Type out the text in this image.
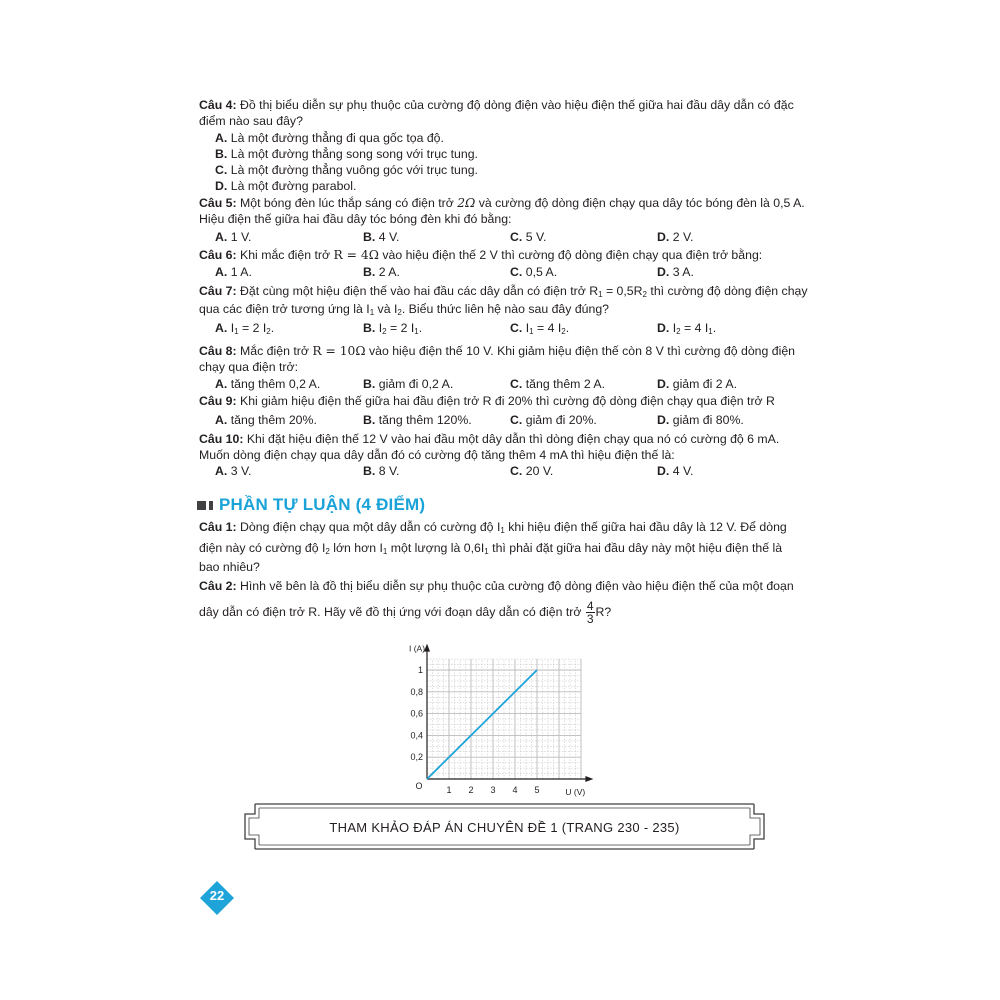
Câu 4: Đồ thị biểu diễn sự phụ thuộc của cường độ dòng điện vào hiệu điện thế giữa hai đầu dây dẫn có đặc
điểm nào sau đây?
A. Là một đường thẳng đi qua gốc tọa độ.
B. Là một đường thẳng song song với trục tung.
C. Là một đường thẳng vuông góc với trục tung.
D. Là một đường parabol.
Câu 5: Một bóng đèn lúc thắp sáng có điện trở 2Ω và cường độ dòng điện chạy qua dây tóc bóng đèn là 0,5 A.
Hiệu điện thế giữa hai đầu dây tóc bóng đèn khi đó bằng:
A. 1 V.	B. 4 V.	C. 5 V.	D. 2 V.
Câu 6: Khi mắc điện trở R = 4Ω vào hiệu điện thế 2 V thì cường độ dòng điện chạy qua điện trở bằng:
A. 1 A.	B. 2 A.	C. 0,5 A.	D. 3 A.
Câu 7: Đặt cùng một hiệu điện thế vào hai đầu các dây dẫn có điện trở $R_1 = 0,5R_2$ thì cường độ dòng điện chạy
qua các điện trở tương ứng là $I_1$ và $I_2$. Biểu thức liên hệ nào sau đây đúng?
A. $I_1 = 2$ $I_2$.	B. $I_2 = 2$ $I_1$.	C. $I_1 = 4$ $I_2$.	D. $I_2 = 4$ $I_1$.
Câu 8: Mắc điện trở R = 10Ω vào hiệu điện thế 10 V. Khi giảm hiệu điện thế còn 8 V thì cường độ dòng điện
chạy qua điện trở:
A. tăng thêm 0,2 A.	B. giảm đi 0,2 A.	C. tăng thêm 2 A.	D. giảm đi 2 A.
Câu 9: Khi giảm hiệu điện thế giữa hai đầu điện trở R đi 20% thì cường độ dòng điện chạy qua điện trở R
A. tăng thêm 20%.	B. tăng thêm 120%.	C. giảm đi 20%.	D. giảm đi 80%.
Câu 10: Khi đặt hiệu điện thế 12 V vào hai đầu một dây dẫn thì dòng điện chạy qua nó có cường độ 6 mA.
Muốn dòng điện chạy qua dây dẫn đó có cường độ tăng thêm 4 mA thì hiệu điện thế là:
A. 3 V.	B. 8 V.	C. 20 V.	D. 4 V.
PHẦN TỰ LUẬN (4 ĐIỂM)
Câu 1: Dòng điện chạy qua một dây dẫn có cường độ $I_1$ khi hiệu điện thế giữa hai đầu dây là 12 V. Để dòng
điện này có cường độ $I_2$ lớn hơn $I_1$ một lượng là $0,6I_1$ thì phải đặt giữa hai đầu dây này một hiệu điện thế là
bao nhiêu?
Câu 2: Hình vẽ bên là đồ thị biểu diễn sự phụ thuộc của cường độ dòng điện vào hiệu điện thế của một đoạn
dây dẫn có điện trở R. Hãy vẽ đồ thị ứng với đoạn dây dẫn có điện trở $\frac{4}{3} R$?
1 2 3 4 5
0,2
0,4
0,6
0,8
1
O
I (A)
U (V)
THAM KHẢO ĐÁP ÁN CHUYÊN ĐỀ 1 (TRANG 230 - 235)
22
